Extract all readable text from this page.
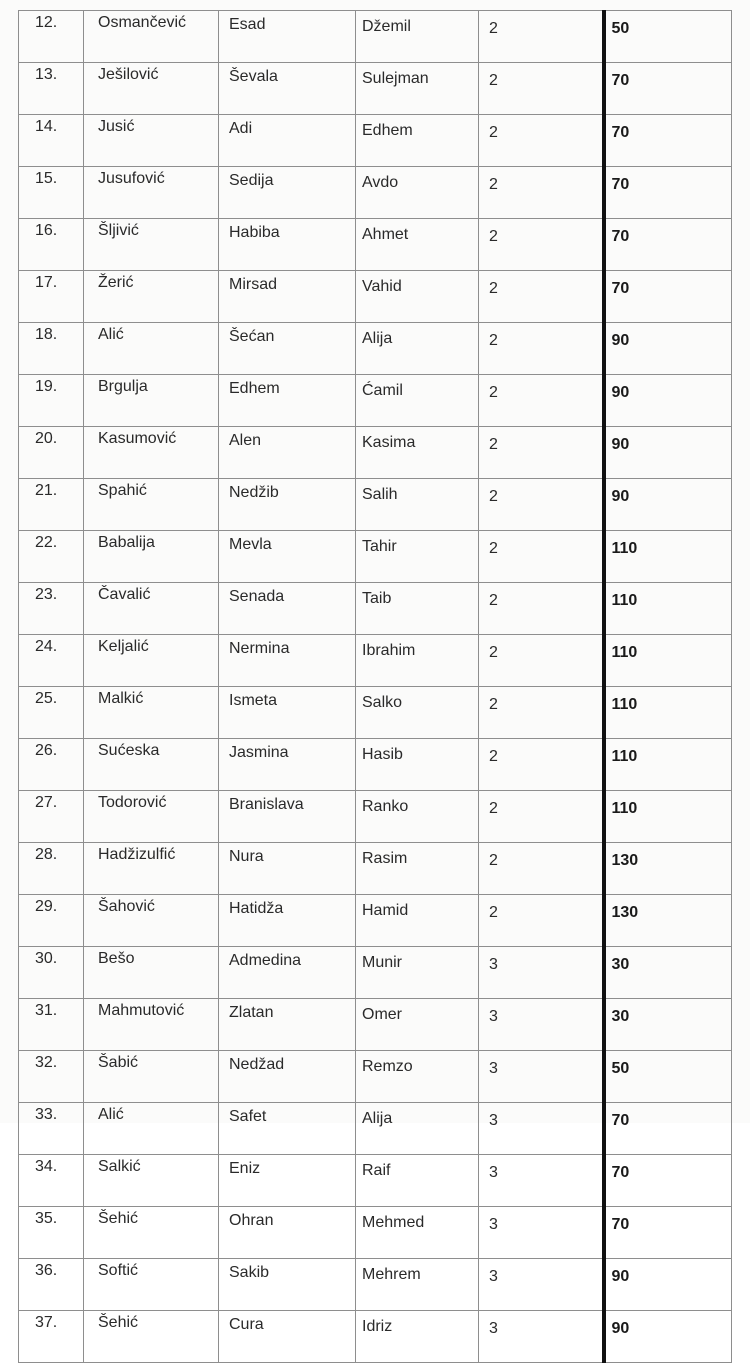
12.	Osmančević	Esad	Džemil	2	50
13.	Ješilović	Ševala	Sulejman	2	70
14.	Jusić	Adi	Edhem	2	70
15.	Jusufović	Sedija	Avdo	2	70
16.	Šljivić	Habiba	Ahmet	2	70
17.	Žerić	Mirsad	Vahid	2	70
18.	Alić	Šećan	Alija	2	90
19.	Brgulja	Edhem	Ćamil	2	90
20.	Kasumović	Alen	Kasima	2	90
21.	Spahić	Nedžib	Salih	2	90
22.	Babalija	Mevla	Tahir	2	110
23.	Čavalić	Senada	Taib	2	110
24.	Keljalić	Nermina	Ibrahim	2	110
25.	Malkić	Ismeta	Salko	2	110
26.	Sućeska	Jasmina	Hasib	2	110
27.	Todorović	Branislava	Ranko	2	110
28.	Hadžizulfić	Nura	Rasim	2	130
29.	Šahović	Hatidža	Hamid	2	130
30.	Bešo	Admedina	Munir	3	30
31.	Mahmutović	Zlatan	Omer	3	30
32.	Šabić	Nedžad	Remzo	3	50
33.	Alić	Safet	Alija	3	70
34.	Salkić	Eniz	Raif	3	70
35.	Šehić	Ohran	Mehmed	3	70
36.	Softić	Sakib	Mehrem	3	90
37.	Šehić	Cura	Idriz	3	90
